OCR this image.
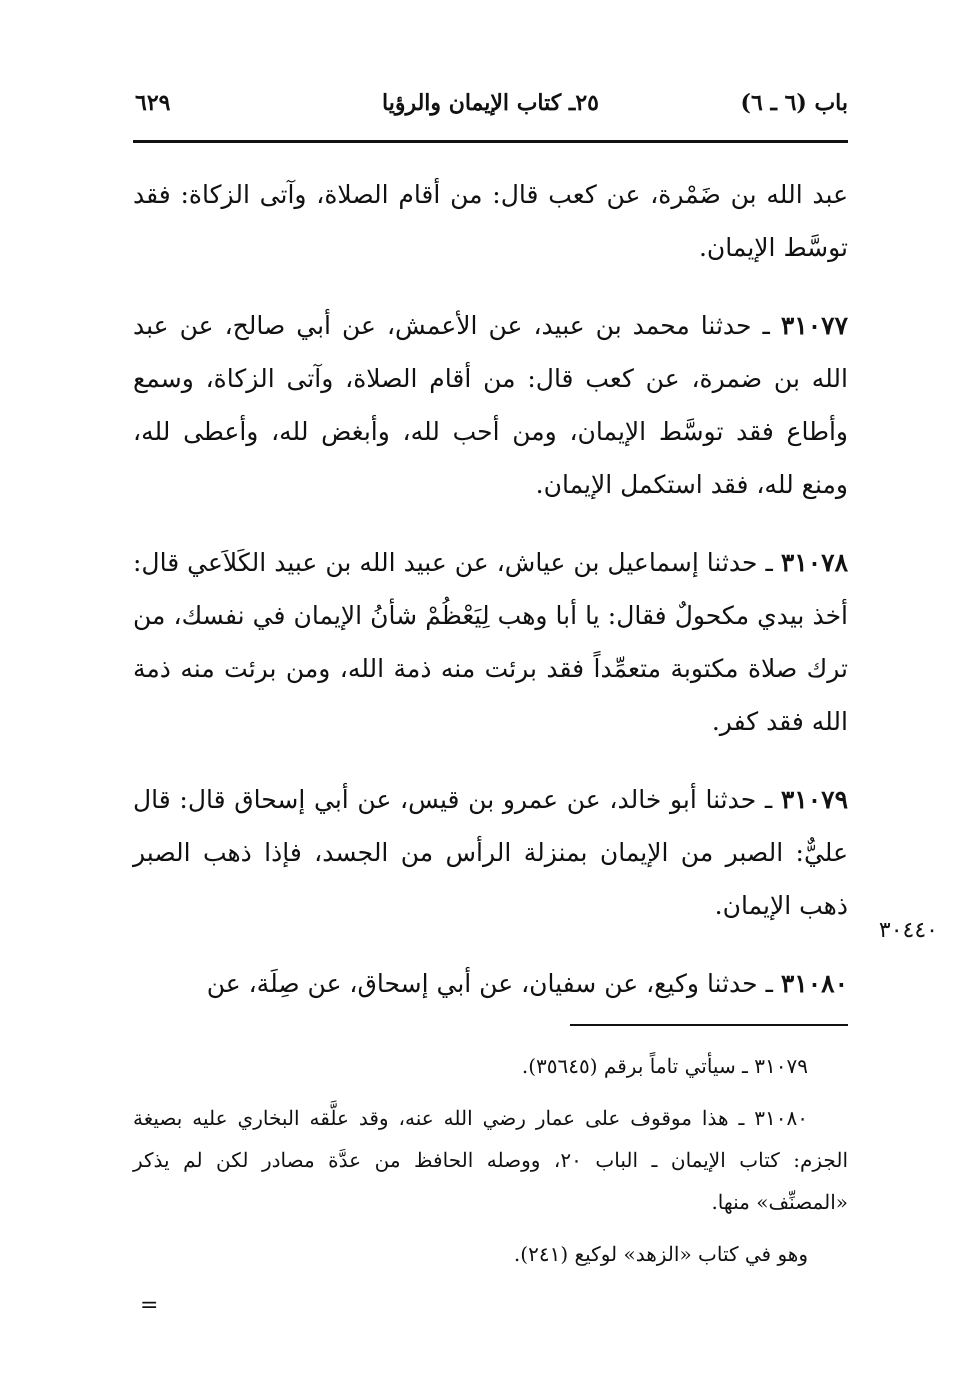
باب (٦ ـ ٦)
٢٥ـ كتاب الإيمان والرؤيا
٦٢٩

عبد الله بن ضَمْرة، عن كعب قال: من أقام الصلاة، وآتى الزكاة: فقد توسَّط الإيمان.

٣١٠٧٧ ـ حدثنا محمد بن عبيد، عن الأعمش، عن أبي صالح، عن عبد الله بن ضمرة، عن كعب قال: من أقام الصلاة، وآتى الزكاة، وسمع وأطاع فقد توسَّط الإيمان، ومن أحب لله، وأبغض لله، وأعطى لله، ومنع لله، فقد استكمل الإيمان.

٣١٠٧٨ ـ حدثنا إسماعيل بن عياش، عن عبيد الله بن عبيد الكَلاَعي قال: أخذ بيدي مكحولٌ فقال: يا أبا وهب لِيَعْظُمْ شأنُ الإيمان في نفسك، من ترك صلاة مكتوبة متعمِّداً فقد برئت منه ذمة الله، ومن برئت منه ذمة الله فقد كفر.

٣١٠٧٩ ـ حدثنا أبو خالد، عن عمرو بن قيس، عن أبي إسحاق قال: قال عليٌّ: الصبر من الإيمان بمنزلة الرأس من الجسد، فإذا ذهب الصبر ذهب الإيمان.

٣١٠٨٠ ـ حدثنا وكيع، عن سفيان، عن أبي إسحاق، عن صِلَة، عن

٣٠٤٤٠

٣١٠٧٩ ـ سيأتي تاماً برقم (٣٥٦٤٥).

٣١٠٨٠ ـ هذا موقوف على عمار رضي الله عنه، وقد علَّقه البخاري عليه بصيغة الجزم: كتاب الإيمان ـ الباب ٢٠، ووصله الحافظ من عدَّة مصادر لكن لم يذكر «المصنِّف» منها.

وهو في كتاب «الزهد» لوكيع (٢٤١).

=
